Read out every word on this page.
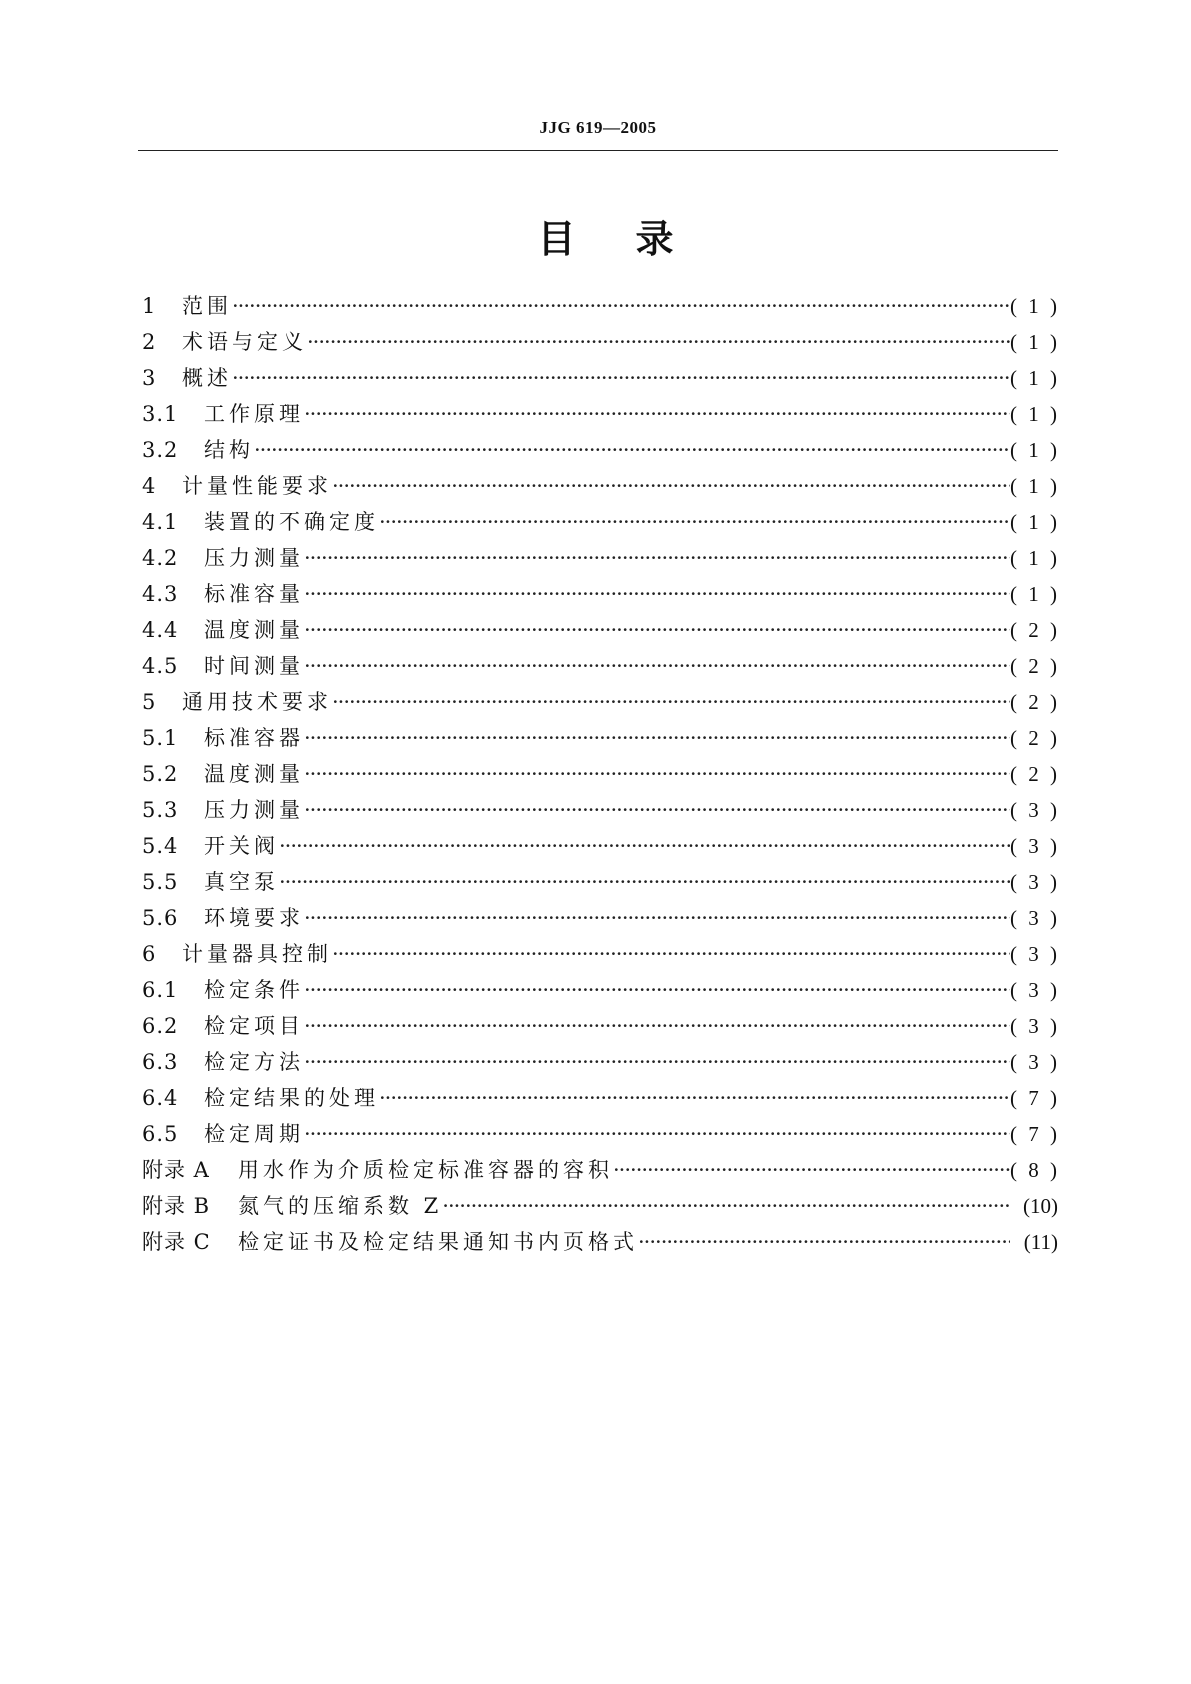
JJG 619—2005
目 录
1	范围 ·····	( 1 )
2	术语与定义 ·····	( 1 )
3	概述 ·····	( 1 )
3.1	工作原理 ·····	( 1 )
3.2	结构 ·····	( 1 )
4	计量性能要求 ·····	( 1 )
4.1	装置的不确定度 ·····	( 1 )
4.2	压力测量 ·····	( 1 )
4.3	标准容量 ·····	( 1 )
4.4	温度测量 ·····	( 2 )
4.5	时间测量 ·····	( 2 )
5	通用技术要求 ·····	( 2 )
5.1	标准容器 ·····	( 2 )
5.2	温度测量 ·····	( 2 )
5.3	压力测量 ·····	( 3 )
5.4	开关阀 ·····	( 3 )
5.5	真空泵 ·····	( 3 )
5.6	环境要求 ·····	( 3 )
6	计量器具控制 ·····	( 3 )
6.1	检定条件 ·····	( 3 )
6.2	检定项目 ·····	( 3 )
6.3	检定方法 ·····	( 3 )
6.4	检定结果的处理 ·····	( 7 )
6.5	检定周期 ·····	( 7 )
附录 A	用水作为介质检定标准容器的容积 ·····	( 8 )
附录 B	氮气的压缩系数 Z ·····	(10)
附录 C	检定证书及检定结果通知书内页格式 ·····	(11)
